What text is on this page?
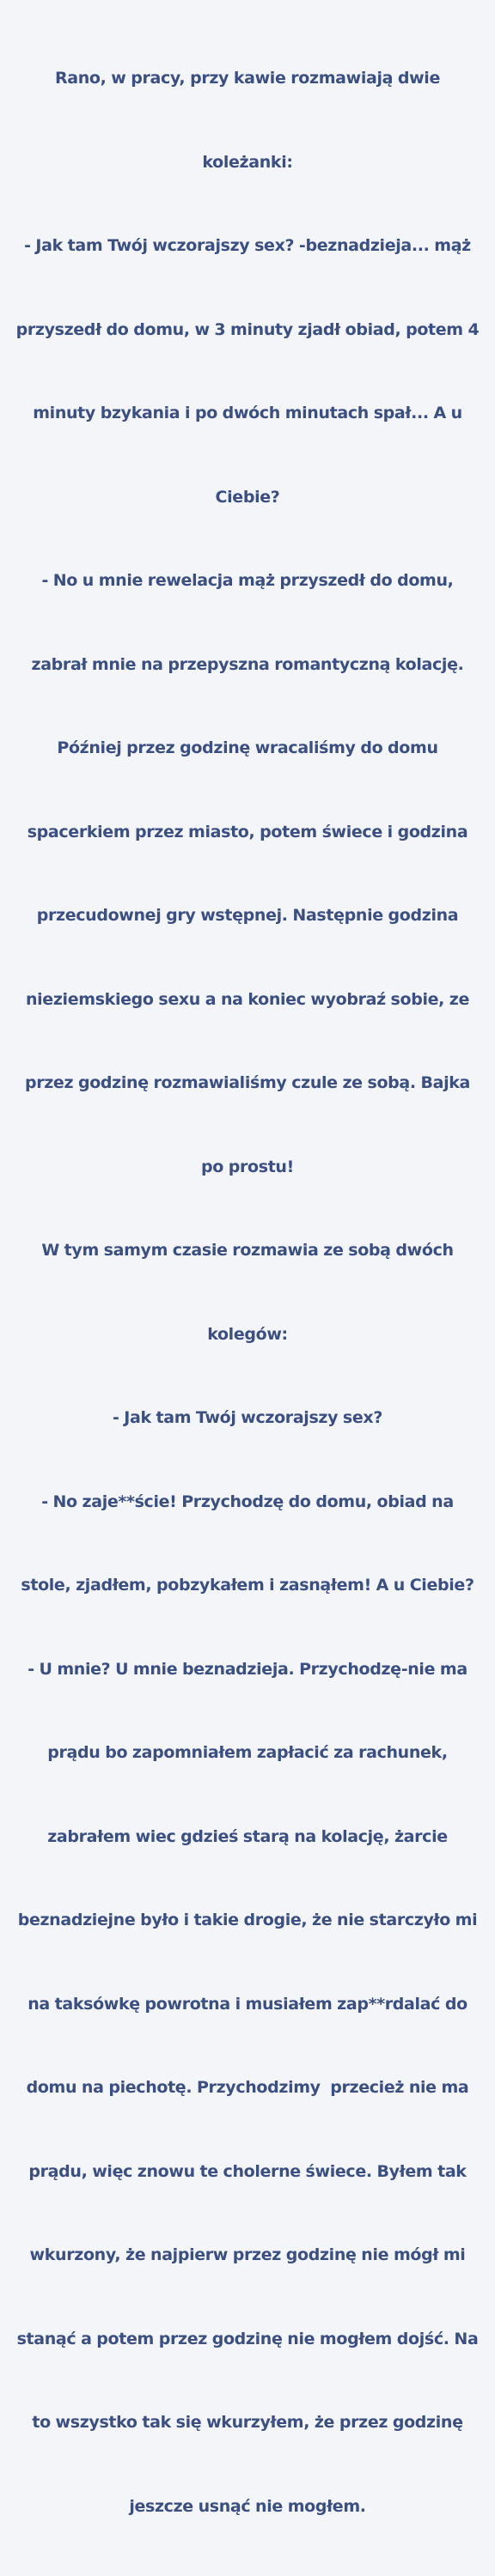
Rano, w pracy, przy kawie rozmawiają dwie

koleżanki:

- Jak tam Twój wczorajszy sex? -beznadzieja... mąż

przyszedł do domu, w 3 minuty zjadł obiad, potem 4

minuty bzykania i po dwóch minutach spał... A u

Ciebie?

- No u mnie rewelacja mąż przyszedł do domu,

zabrał mnie na przepyszna romantyczną kolację.

Później przez godzinę wracaliśmy do domu

spacerkiem przez miasto, potem świece i godzina

przecudownej gry wstępnej. Następnie godzina

nieziemskiego sexu a na koniec wyobraź sobie, ze

przez godzinę rozmawialiśmy czule ze sobą. Bajka

po prostu!

W tym samym czasie rozmawia ze sobą dwóch

kolegów:

- Jak tam Twój wczorajszy sex?

- No zaje**ście! Przychodzę do domu, obiad na

stole, zjadłem, pobzykałem i zasnąłem! A u Ciebie?

- U mnie? U mnie beznadzieja. Przychodzę-nie ma

prądu bo zapomniałem zapłacić za rachunek,

zabrałem wiec gdzieś starą na kolację, żarcie

beznadziejne było i takie drogie, że nie starczyło mi

na taksówkę powrotna i musiałem zap**rdalać do

domu na piechotę. Przychodzimy  przecież nie ma

prądu, więc znowu te cholerne świece. Byłem tak

wkurzony, że najpierw przez godzinę nie mógł mi

stanąć a potem przez godzinę nie mogłem dojść. Na

to wszystko tak się wkurzyłem, że przez godzinę

jeszcze usnąć nie mogłem.
